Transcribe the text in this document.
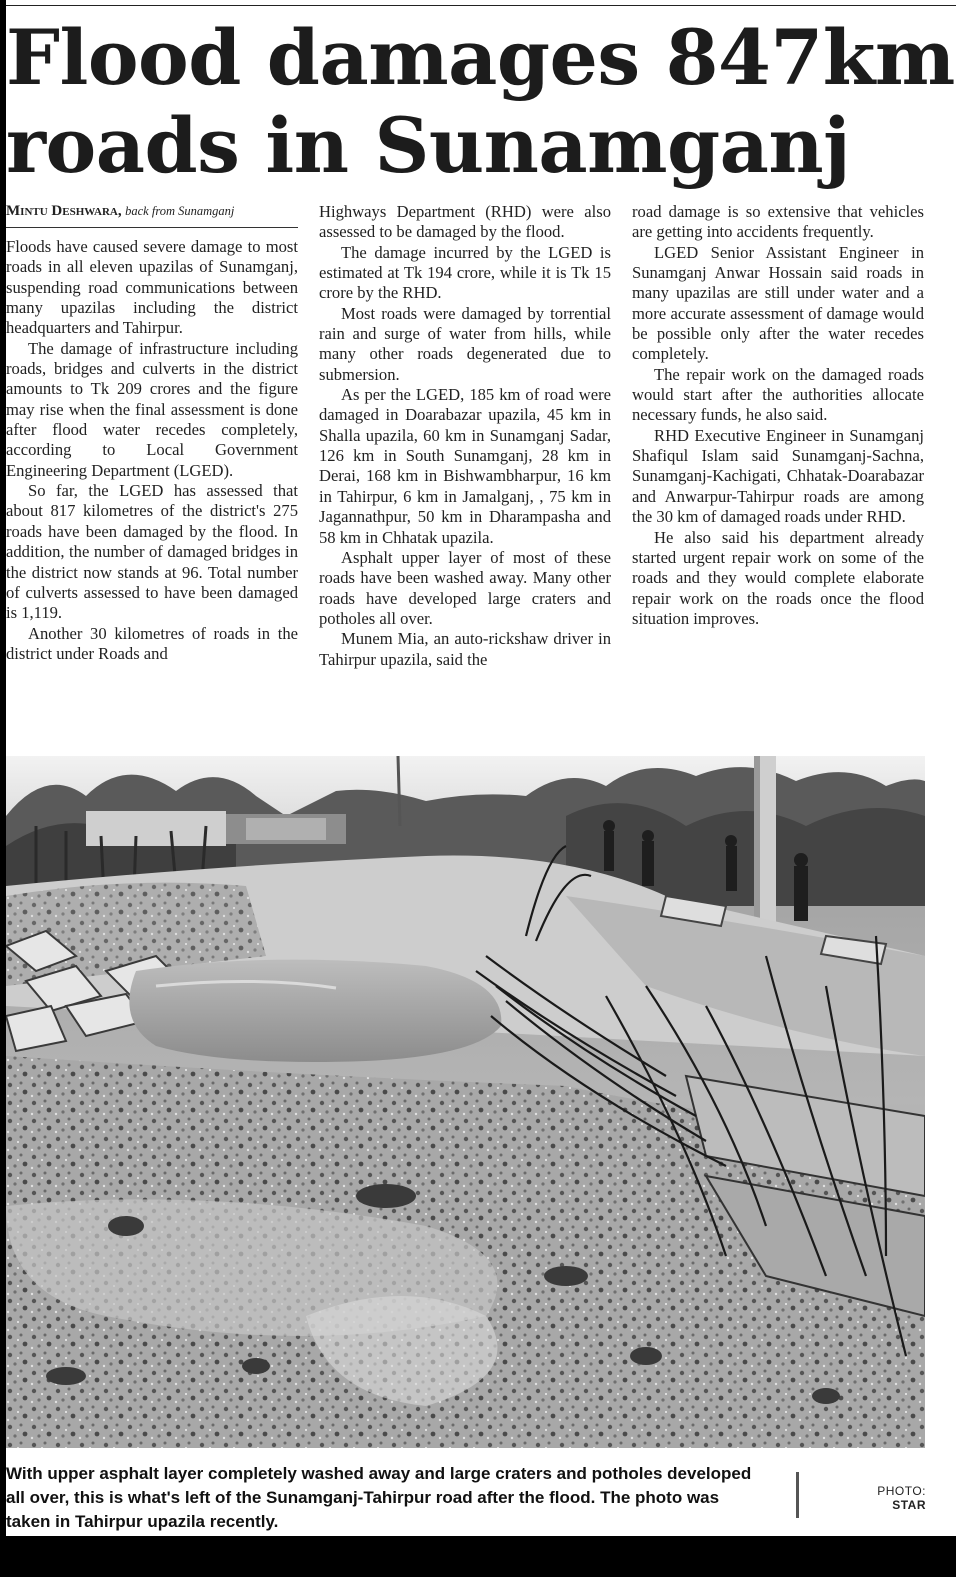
Flood damages 847km
roads in Sunamganj
Mintu Deshwara, back from Sunamganj

Floods have caused severe damage to most roads in all eleven upazilas of Sunamganj, suspending road communications between many upazilas including the district headquarters and Tahirpur.

The damage of infrastructure including roads, bridges and culverts in the district amounts to Tk 209 crores and the figure may rise when the final assessment is done after flood water recedes completely, according to Local Government Engineering Department (LGED).

So far, the LGED has assessed that about 817 kilometres of the district's 275 roads have been damaged by the flood. In addition, the number of damaged bridges in the district now stands at 96. Total number of culverts assessed to have been damaged is 1,119.

Another 30 kilometres of roads in the district under Roads and

Highways Department (RHD) were also assessed to be damaged by the flood.

The damage incurred by the LGED is estimated at Tk 194 crore, while it is Tk 15 crore by the RHD.

Most roads were damaged by torrential rain and surge of water from hills, while many other roads degenerated due to submersion.

As per the LGED, 185 km of road were damaged in Doarabazar upazila, 45 km in Shalla upazila, 60 km in Sunamganj Sadar, 126 km in South Sunamganj, 28 km in Derai, 168 km in Bishwambharpur, 16 km in Tahirpur, 6 km in Jamalganj, , 75 km in Jagannathpur, 50 km in Dharampasha and 58 km in Chhatak upazila.

Asphalt upper layer of most of these roads have been washed away. Many other roads have developed large craters and potholes all over.

Munem Mia, an auto-rickshaw driver in Tahirpur upazila, said the

road damage is so extensive that vehicles are getting into accidents frequently.

LGED Senior Assistant Engineer in Sunamganj Anwar Hossain said roads in many upazilas are still under water and a more accurate assessment of damage would be possible only after the water recedes completely.

The repair work on the damaged roads would start after the authorities allocate necessary funds, he also said.

RHD Executive Engineer in Sunamganj Shafiqul Islam said Sunamganj-Sachna, Sunamganj-Kachigati, Chhatak-Doarabazar and Anwarpur-Tahirpur roads are among the 30 km of damaged roads under RHD.

He also said his department already started urgent repair work on some of the roads and they would complete elaborate repair work on the roads once the flood situation improves.

With upper asphalt layer completely washed away and large craters and potholes developed all over, this is what's left of the Sunamganj-Tahirpur road after the flood. The photo was taken in Tahirpur upazila recently.
PHOTO:
STAR
